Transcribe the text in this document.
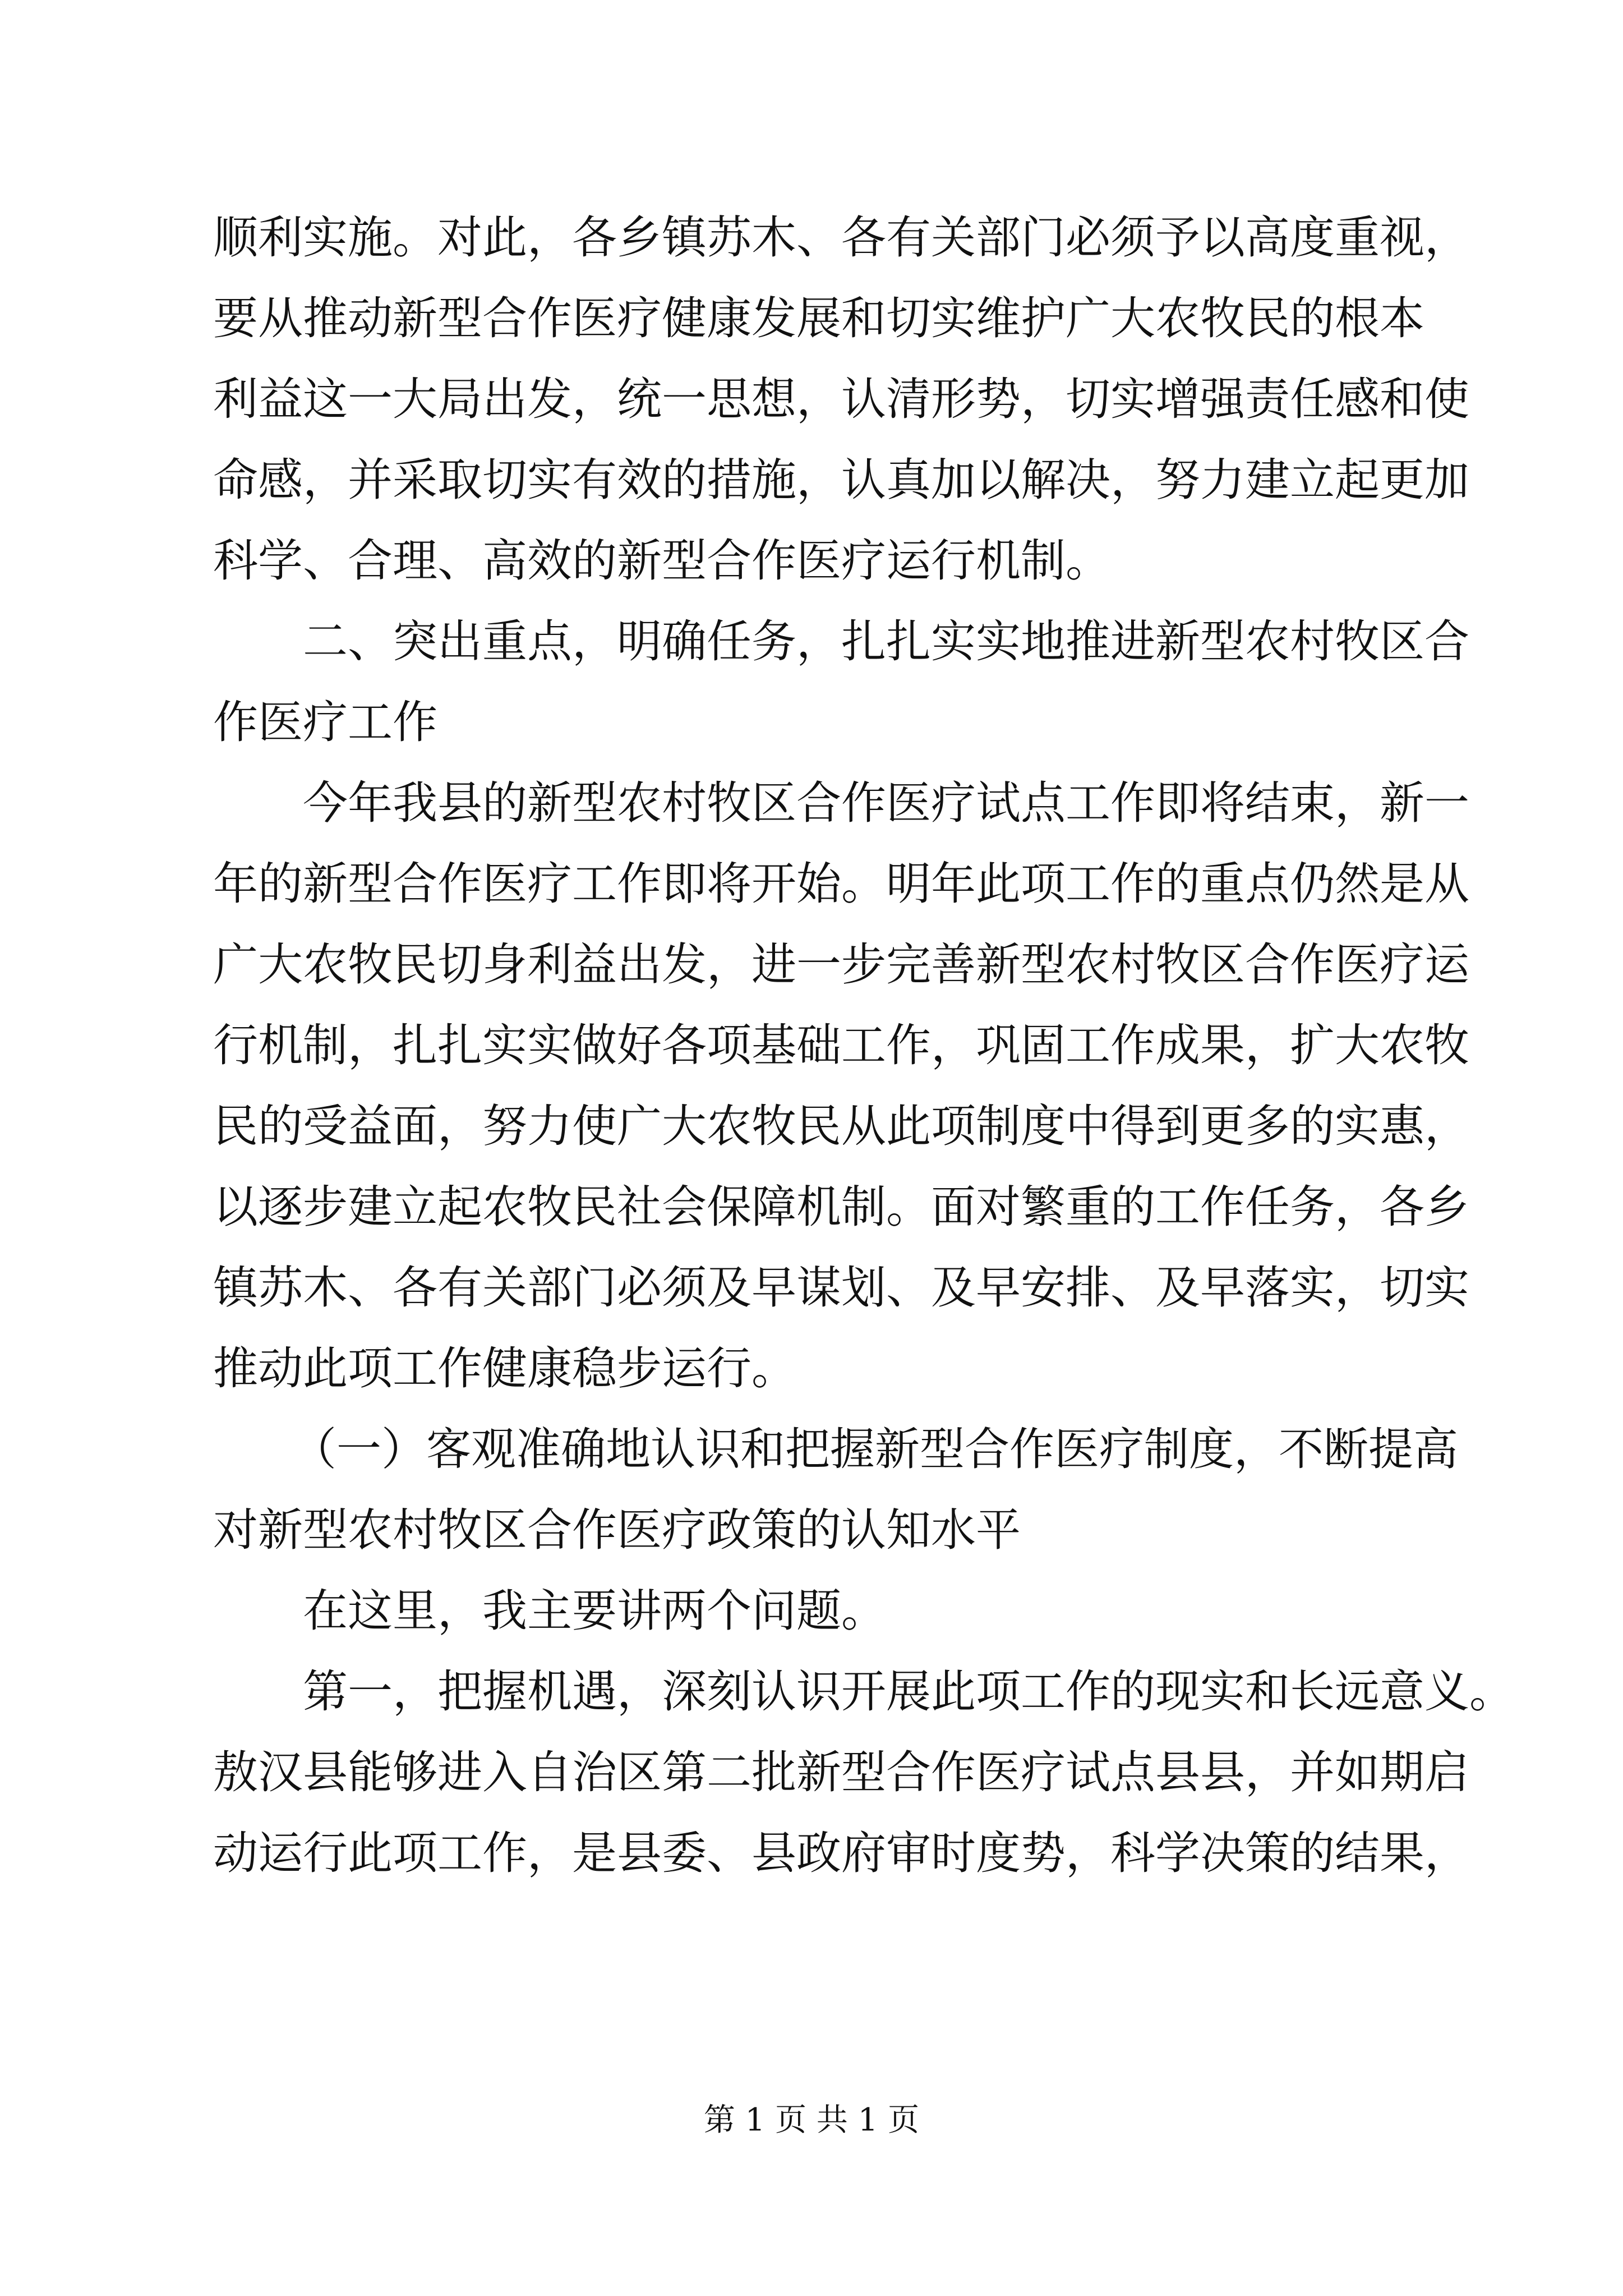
顺利实施。对此，各乡镇苏木、各有关部门必须予以高度重视，
要从推动新型合作医疗健康发展和切实维护广大农牧民的根本
利益这一大局出发，统一思想，认清形势，切实增强责任感和使
命感，并采取切实有效的措施，认真加以解决，努力建立起更加
科学、合理、高效的新型合作医疗运行机制。
二、突出重点，明确任务，扎扎实实地推进新型农村牧区合
作医疗工作
今年我县的新型农村牧区合作医疗试点工作即将结束，新一
年的新型合作医疗工作即将开始。明年此项工作的重点仍然是从
广大农牧民切身利益出发，进一步完善新型农村牧区合作医疗运
行机制，扎扎实实做好各项基础工作，巩固工作成果，扩大农牧
民的受益面，努力使广大农牧民从此项制度中得到更多的实惠，
以逐步建立起农牧民社会保障机制。面对繁重的工作任务，各乡
镇苏木、各有关部门必须及早谋划、及早安排、及早落实，切实
推动此项工作健康稳步运行。
（一）客观准确地认识和把握新型合作医疗制度，不断提高
对新型农村牧区合作医疗政策的认知水平
在这里，我主要讲两个问题。
第一，把握机遇，深刻认识开展此项工作的现实和长远意义。
敖汉县能够进入自治区第二批新型合作医疗试点县县，并如期启
动运行此项工作，是县委、县政府审时度势，科学决策的结果，
第 1 页 共 1 页
